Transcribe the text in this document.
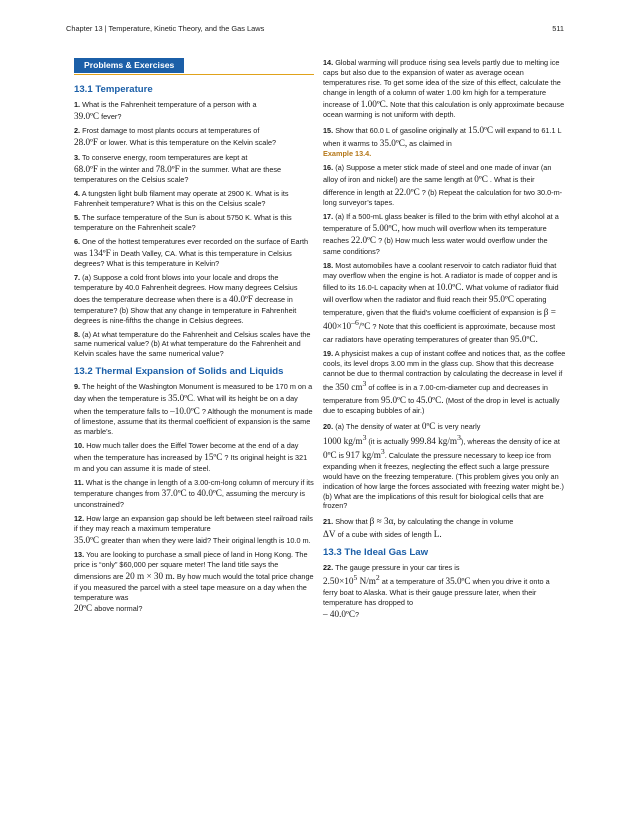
Chapter 13 | Temperature, Kinetic Theory, and the Gas Laws	511
Problems & Exercises
13.1 Temperature

1. What is the Fahrenheit temperature of a person with a
39.0ºC fever?

2. Frost damage to most plants occurs at temperatures of
28.0ºF or lower. What is this temperature on the Kelvin scale?

3. To conserve energy, room temperatures are kept at
68.0ºF in the winter and 78.0ºF in the summer. What are these temperatures on the Celsius scale?

4. A tungsten light bulb filament may operate at 2900 K. What is its Fahrenheit temperature? What is this on the Celsius scale?

5. The surface temperature of the Sun is about 5750 K. What is this temperature on the Fahrenheit scale?

6. One of the hottest temperatures ever recorded on the surface of Earth was 134ºF in Death Valley, CA. What is this temperature in Celsius degrees? What is this temperature in Kelvin?

7. (a) Suppose a cold front blows into your locale and drops the temperature by 40.0 Fahrenheit degrees. How many degrees Celsius does the temperature decrease when there is a 40.0ºF decrease in temperature? (b) Show that any change in temperature in Fahrenheit degrees is nine-fifths the change in Celsius degrees.

8. (a) At what temperature do the Fahrenheit and Celsius scales have the same numerical value? (b) At what temperature do the Fahrenheit and Kelvin scales have the same numerical value?

13.2 Thermal Expansion of Solids and Liquids

9. The height of the Washington Monument is measured to be 170 m on a day when the temperature is 35.0ºC. What will its height be on a day when the temperature falls to –10.0ºC ? Although the monument is made of limestone, assume that its thermal coefficient of expansion is the same as marble’s.

10. How much taller does the Eiffel Tower become at the end of a day when the temperature has increased by 15ºC ? Its original height is 321 m and you can assume it is made of steel.

11. What is the change in length of a 3.00-cm-long column of mercury if its temperature changes from 37.0ºC to 40.0ºC, assuming the mercury is unconstrained?

12. How large an expansion gap should be left between steel railroad rails if they may reach a maximum temperature
35.0ºC greater than when they were laid? Their original length is 10.0 m.

13. You are looking to purchase a small piece of land in Hong Kong. The price is “only” $60,000 per square meter! The land title says the dimensions are 20 m × 30 m. By how much would the total price change if you measured the parcel with a steel tape measure on a day when the temperature was
20ºC above normal?

14. Global warming will produce rising sea levels partly due to melting ice caps but also due to the expansion of water as average ocean temperatures rise. To get some idea of the size of this effect, calculate the change in length of a column of water 1.00 km high for a temperature increase of 1.00ºC. Note that this calculation is only approximate because ocean warming is not uniform with depth.

15. Show that 60.0 L of gasoline originally at 15.0ºC will expand to 61.1 L when it warms to 35.0ºC, as claimed in
Example 13.4.

16. (a) Suppose a meter stick made of steel and one made of invar (an alloy of iron and nickel) are the same length at 0ºC . What is their difference in length at 22.0ºC ? (b) Repeat the calculation for two 30.0-m-long surveyor’s tapes.

17. (a) If a 500-mL glass beaker is filled to the brim with ethyl alcohol at a temperature of 5.00ºC, how much will overflow when its temperature reaches 22.0ºC ? (b) How much less water would overflow under the same conditions?

18. Most automobiles have a coolant reservoir to catch radiator fluid that may overflow when the engine is hot. A radiator is made of copper and is filled to its 16.0-L capacity when at 10.0ºC. What volume of radiator fluid will overflow when the radiator and fluid reach their 95.0ºC operating temperature, given that the fluid’s volume coefficient of expansion is $\beta = 400\times 10^{-6}/ºC$ ? Note that this coefficient is approximate, because most car radiators have operating temperatures of greater than 95.0ºC.

19. A physicist makes a cup of instant coffee and notices that, as the coffee cools, its level drops 3.00 mm in the glass cup. Show that this decrease cannot be due to thermal contraction by calculating the decrease in level if the 350 $cm^3$ of coffee is in a 7.00-cm-diameter cup and decreases in temperature from 95.0ºC to 45.0ºC. (Most of the drop in level is actually due to escaping bubbles of air.)

20. (a) The density of water at 0ºC is very nearly
1000 $kg/m^3$ (it is actually 999.84 $kg/m^3$), whereas the density of ice at 0ºC is 917 $kg/m^3$. Calculate the pressure necessary to keep ice from expanding when it freezes, neglecting the effect such a large pressure would have on the freezing temperature. (This problem gives you only an indication of how large the forces associated with freezing water might be.) (b) What are the implications of this result for biological cells that are frozen?

21. Show that β ≈ 3α, by calculating the change in volume
ΔV of a cube with sides of length L.

13.3 The Ideal Gas Law

22. The gauge pressure in your car tires is
$2.50\times 10^5$ $N/m^2$ at a temperature of 35.0ºC when you drive it onto a ferry boat to Alaska. What is their gauge pressure later, when their temperature has dropped to
– 40.0ºC?
